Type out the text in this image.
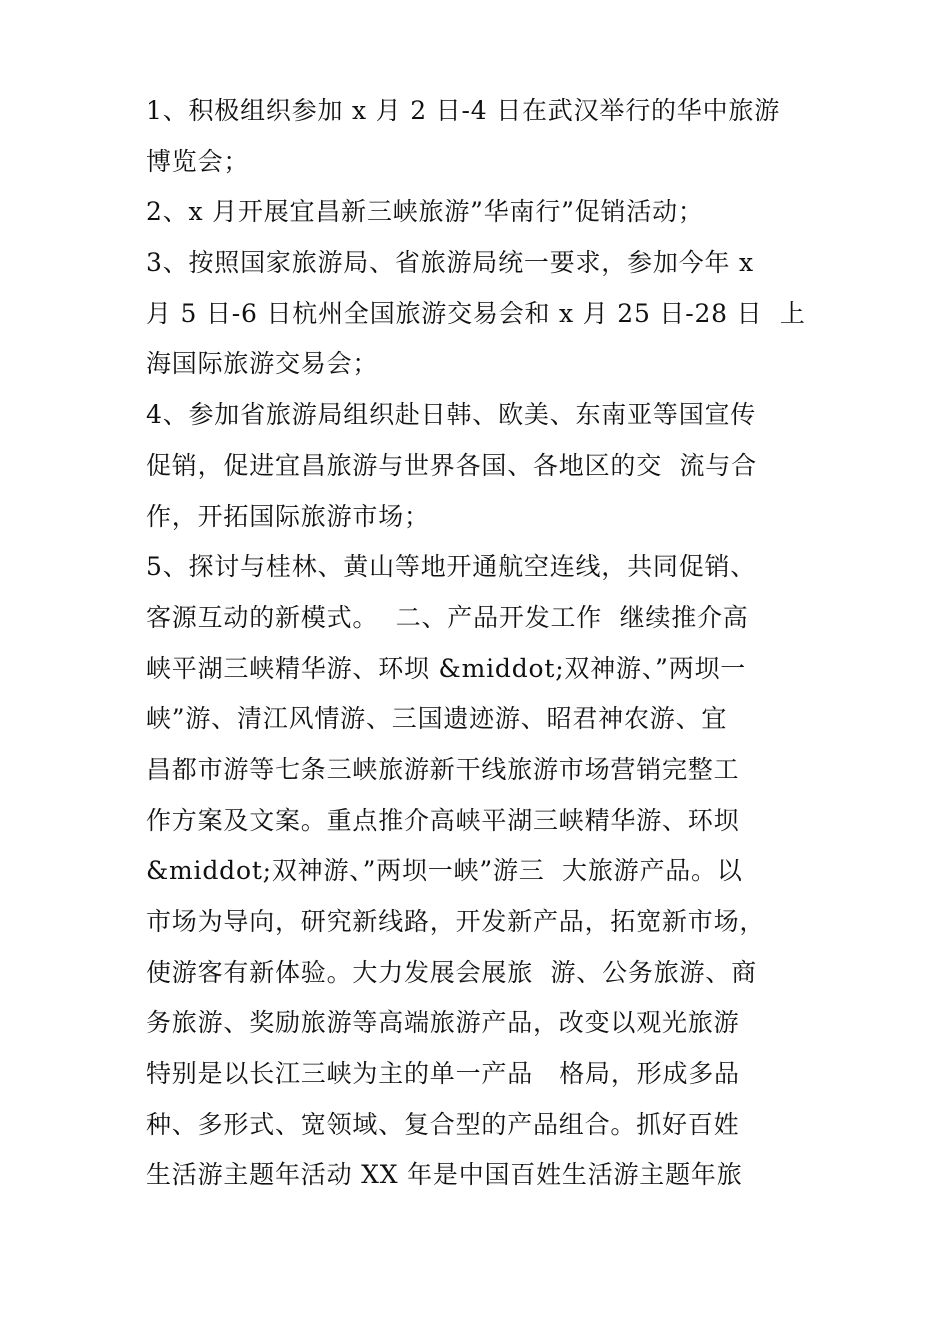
1、积极组织参加 x 月 2 日-4 日在武汉举行的华中旅游
博览会；
2、x 月开展宜昌新三峡旅游”华南行”促销活动；
3、按照国家旅游局、省旅游局统一要求，参加今年 x
月 5 日-6 日杭州全国旅游交易会和 x 月 25 日-28 日  上
海国际旅游交易会；
4、参加省旅游局组织赴日韩、欧美、东南亚等国宣传
促销，促进宜昌旅游与世界各国、各地区的交  流与合
作，开拓国际旅游市场；
5、探讨与桂林、黄山等地开通航空连线，共同促销、
客源互动的新模式。  二、产品开发工作  继续推介高
峡平湖三峡精华游、环坝 &middot;双神游、”两坝一
峡”游、清江风情游、三国遗迹游、昭君神农游、宜
昌都市游等七条三峡旅游新干线旅游市场营销完整工
作方案及文案。重点推介高峡平湖三峡精华游、环坝
&middot;双神游、”两坝一峡”游三  大旅游产品。以
市场为导向，研究新线路，开发新产品，拓宽新市场，
使游客有新体验。大力发展会展旅  游、公务旅游、商
务旅游、奖励旅游等高端旅游产品，改变以观光旅游
特别是以长江三峡为主的单一产品   格局，形成多品
种、多形式、宽领域、复合型的产品组合。抓好百姓
生活游主题年活动 XX 年是中国百姓生活游主题年旅
